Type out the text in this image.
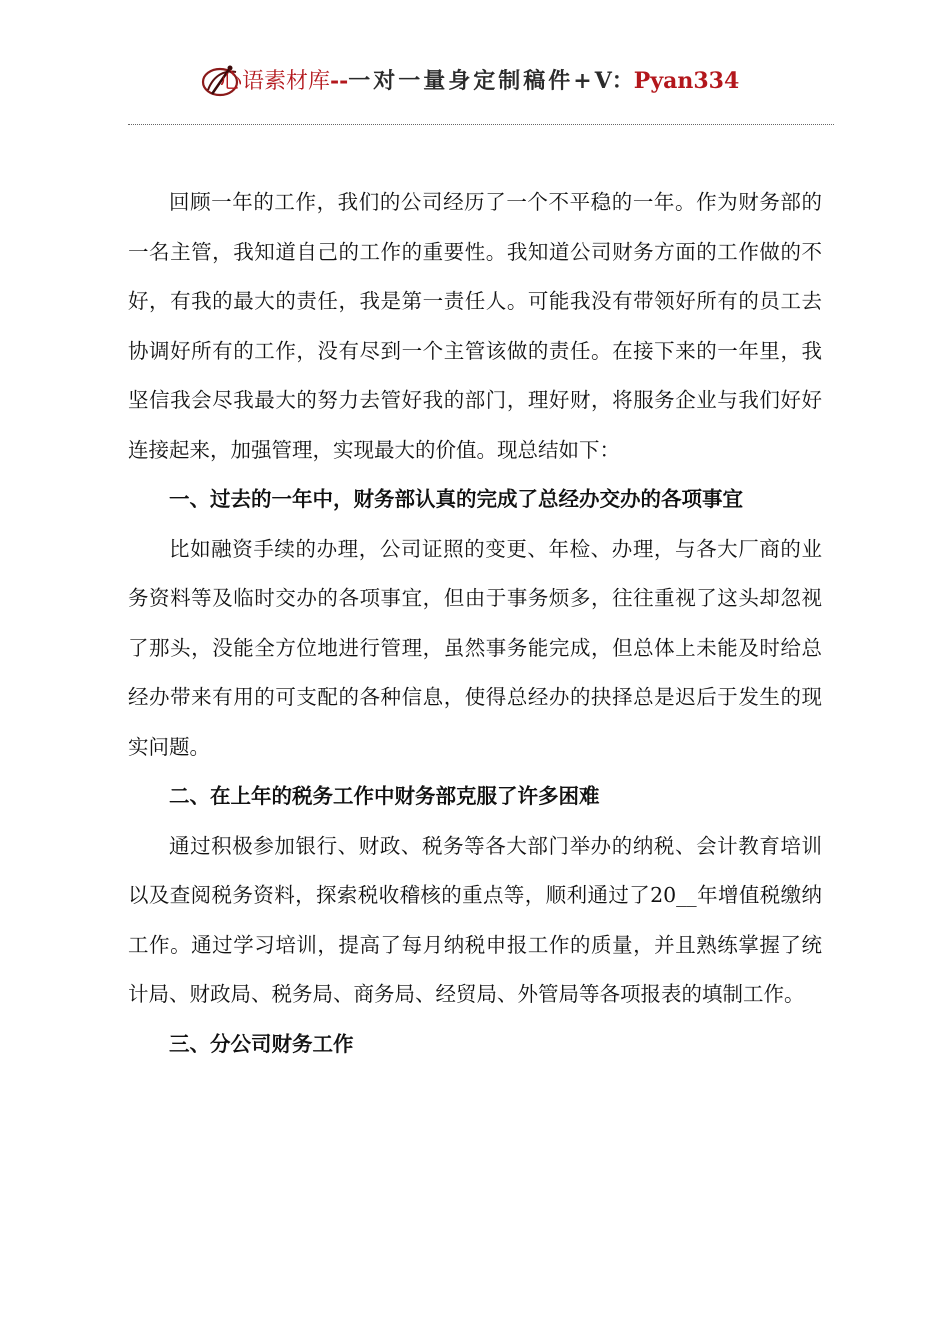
心语素材库--一对一量身定制稿件+V：Pyan334

回顾一年的工作，我们的公司经历了一个不平稳的一年。作为财务部的一名主管，我知道自己的工作的重要性。我知道公司财务方面的工作做的不好，有我的最大的责任，我是第一责任人。可能我没有带领好所有的员工去协调好所有的工作，没有尽到一个主管该做的责任。在接下来的一年里，我坚信我会尽我最大的努力去管好我的部门，理好财，将服务企业与我们好好连接起来，加强管理，实现最大的价值。现总结如下：

一、过去的一年中，财务部认真的完成了总经办交办的各项事宜

比如融资手续的办理，公司证照的变更、年检、办理，与各大厂商的业务资料等及临时交办的各项事宜，但由于事务烦多，往往重视了这头却忽视了那头，没能全方位地进行管理，虽然事务能完成，但总体上未能及时给总经办带来有用的可支配的各种信息，使得总经办的抉择总是迟后于发生的现实问题。

二、在上年的税务工作中财务部克服了许多困难

通过积极参加银行、财政、税务等各大部门举办的纳税、会计教育培训以及查阅税务资料，探索税收稽核的重点等，顺利通过了20__年增值税缴纳工作。通过学习培训，提高了每月纳税申报工作的质量，并且熟练掌握了统计局、财政局、税务局、商务局、经贸局、外管局等各项报表的填制工作。

三、分公司财务工作
